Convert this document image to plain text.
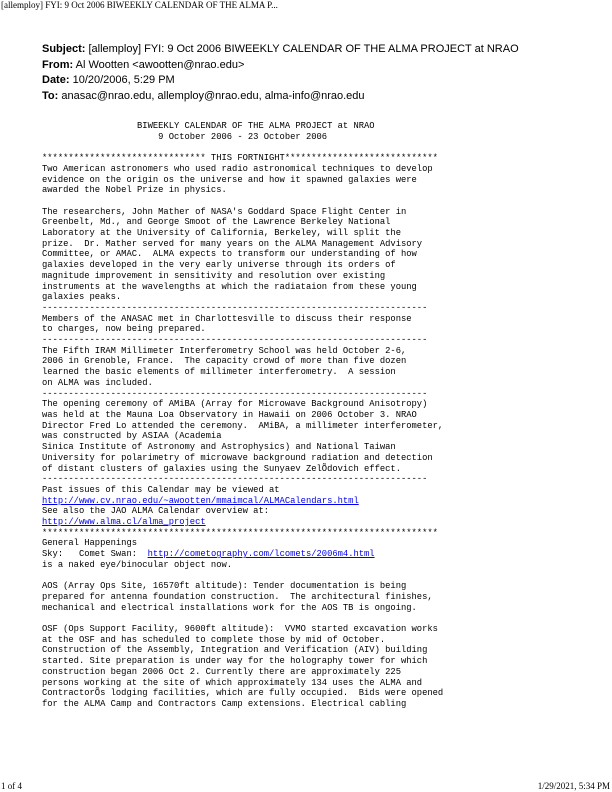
[allemploy] FYI: 9 Oct 2006 BIWEEKLY CALENDAR OF THE ALMA P...
Subject: [allemploy] FYI: 9 Oct 2006 BIWEEKLY CALENDAR OF THE ALMA PROJECT at NRAO
From: Al Wootten <awootten@nrao.edu>
Date: 10/20/2006, 5:29 PM
To: anasac@nrao.edu, allemploy@nrao.edu, alma-info@nrao.edu
BIWEEKLY CALENDAR OF THE ALMA PROJECT at NRAO
9 October 2006 - 23 October 2006

******************************* THIS FORTNIGHT*****************************
Two American astronomers who used radio astronomical techniques to develop
evidence on the origin os the universe and how it spawned galaxies were
awarded the Nobel Prize in physics.

The researchers, John Mather of NASA's Goddard Space Flight Center in
Greenbelt, Md., and George Smoot of the Lawrence Berkeley National
Laboratory at the University of California, Berkeley, will split the
prize.  Dr. Mather served for many years on the ALMA Management Advisory
Committee, or AMAC.  ALMA expects to transform our understanding of how
galaxies developed in the very early universe through its orders of
magnitude improvement in sensitivity and resolution over existing
instruments at the wavelengths at which the radiataion from these young
galaxies peaks.
-------------------------------------------------------------------------
Members of the ANASAC met in Charlottesville to discuss their response
to charges, now being prepared.
-------------------------------------------------------------------------
The Fifth IRAM Millimeter Interferometry School was held October 2-6,
2006 in Grenoble, France.  The capacity crowd of more than five dozen
learned the basic elements of millimeter interferometry.  A session
on ALMA was included.
-------------------------------------------------------------------------
The opening ceremony of AMiBA (Array for Microwave Background Anisotropy)
was held at the Mauna Loa Observatory in Hawaii on 2006 October 3. NRAO
Director Fred Lo attended the ceremony.  AMiBA, a millimeter interferometer,
was constructed by ASIAA (Academia
Sinica Institute of Astronomy and Astrophysics) and National Taiwan
University for polarimetry of microwave background radiation and detection
of distant clusters of galaxies using the Sunyaev ZelÕdovich effect.
-------------------------------------------------------------------------
Past issues of this Calendar may be viewed at
http://www.cv.nrao.edu/~awootten/mmaimcal/ALMACalendars.html
See also the JAO ALMA Calendar overview at:
http://www.alma.cl/alma_project
***************************************************************************
General Happenings
Sky:   Comet Swan:  http://cometography.com/lcomets/2006m4.html
is a naked eye/binocular object now.

AOS (Array Ops Site, 16570ft altitude): Tender documentation is being
prepared for antenna foundation construction.  The architectural finishes,
mechanical and electrical installations work for the AOS TB is ongoing.

OSF (Ops Support Facility, 9600ft altitude):  VVMO started excavation works
at the OSF and has scheduled to complete those by mid of October.
Construction of the Assembly, Integration and Verification (AIV) building
started. Site preparation is under way for the holography tower for which
construction began 2006 Oct 2. Currently there are approximately 225
persons working at the site of which approximately 134 uses the ALMA and
ContractorÕs lodging facilities, which are fully occupied.  Bids were opened
for the ALMA Camp and Contractors Camp extensions. Electrical cabling
1 of 4	1/29/2021, 5:34 PM
